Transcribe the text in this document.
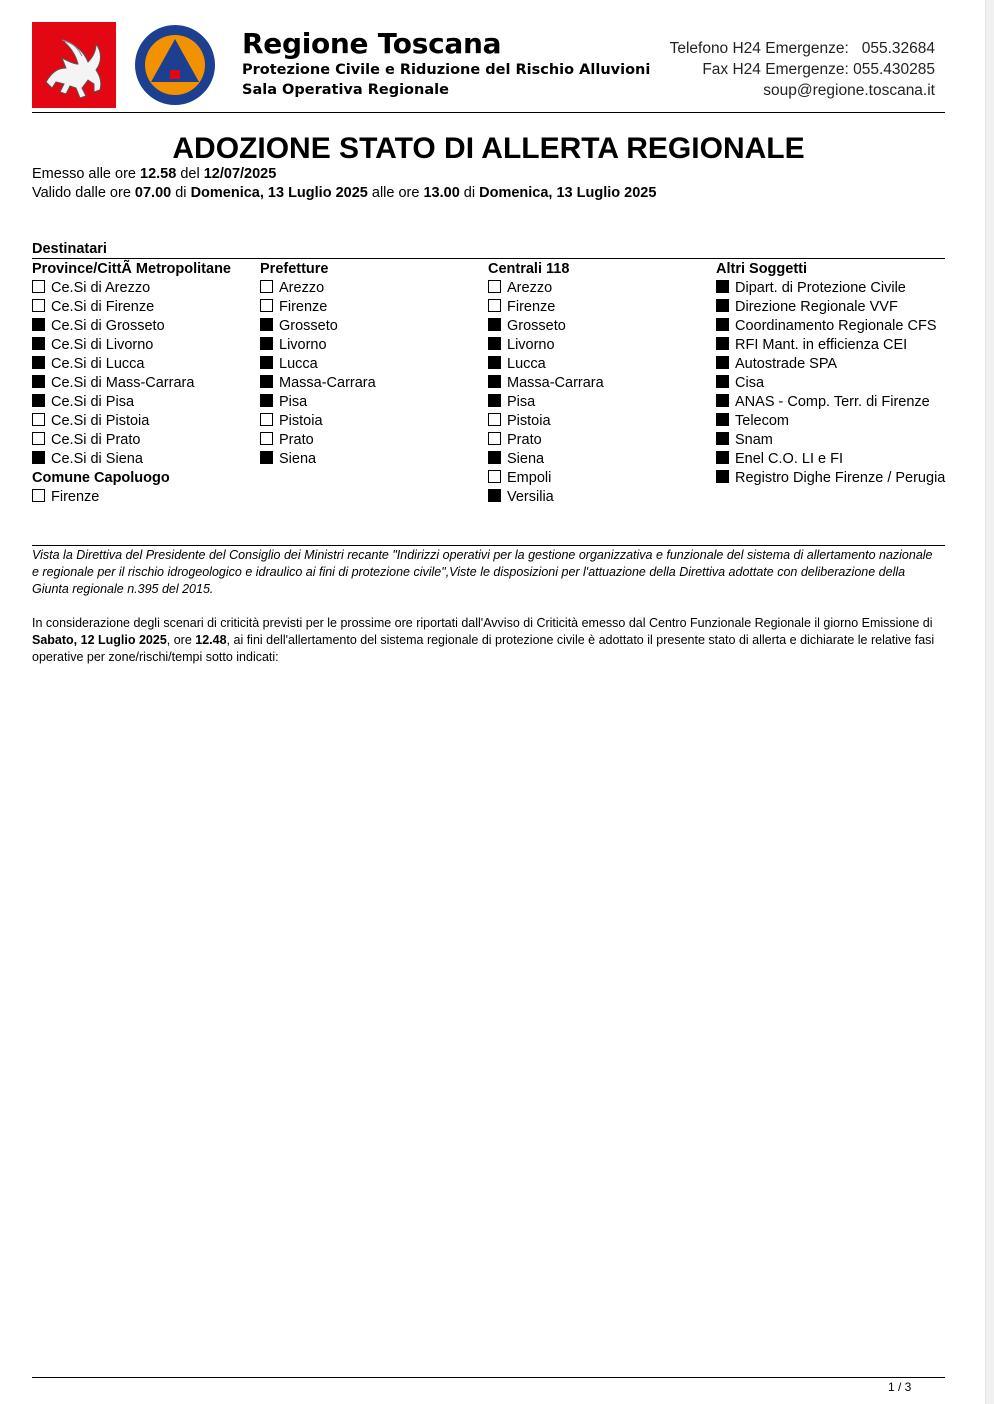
Regione Toscana
Protezione Civile e Riduzione del Rischio Alluvioni
Sala Operativa Regionale
Telefono H24 Emergenze:   055.32684
Fax H24 Emergenze: 055.430285
soup@regione.toscana.it
ADOZIONE STATO DI ALLERTA REGIONALE
Emesso alle ore 12.58 del 12/07/2025
Valido dalle ore 07.00 di Domenica, 13 Luglio 2025 alle ore 13.00 di Domenica, 13 Luglio 2025
Destinatari
Province/CittÃ Metropolitane
Ce.Si di Arezzo
Ce.Si di Firenze
Ce.Si di Grosseto
Ce.Si di Livorno
Ce.Si di Lucca
Ce.Si di Mass-Carrara
Ce.Si di Pisa
Ce.Si di Pistoia
Ce.Si di Prato
Ce.Si di Siena
Comune Capoluogo
Firenze
Prefetture
Arezzo
Firenze
Grosseto
Livorno
Lucca
Massa-Carrara
Pisa
Pistoia
Prato
Siena
Centrali 118
Arezzo
Firenze
Grosseto
Livorno
Lucca
Massa-Carrara
Pisa
Pistoia
Prato
Siena
Empoli
Versilia
Altri Soggetti
Dipart. di Protezione Civile
Direzione Regionale VVF
Coordinamento Regionale CFS
RFI Mant. in efficienza CEI
Autostrade SPA
Cisa
ANAS - Comp. Terr. di Firenze
Telecom
Snam
Enel C.O. LI e FI
Registro Dighe Firenze / Perugia
Vista la Direttiva del Presidente del Consiglio dei Ministri recante "Indirizzi operativi per la gestione organizzativa e funzionale del sistema di allertamento nazionale e regionale per il rischio idrogeologico e idraulico ai fini di protezione civile",Viste le disposizioni per l'attuazione della Direttiva adottate con deliberazione della Giunta regionale n.395 del 2015.
In considerazione degli scenari di criticità previsti per le prossime ore riportati dall'Avviso di Criticità emesso dal Centro Funzionale Regionale il giorno Emissione di Sabato, 12 Luglio 2025, ore 12.48, ai fini dell'allertamento del sistema regionale di protezione civile è adottato il presente stato di allerta e dichiarate le relative fasi operative per zone/rischi/tempi sotto indicati:
1 / 3
